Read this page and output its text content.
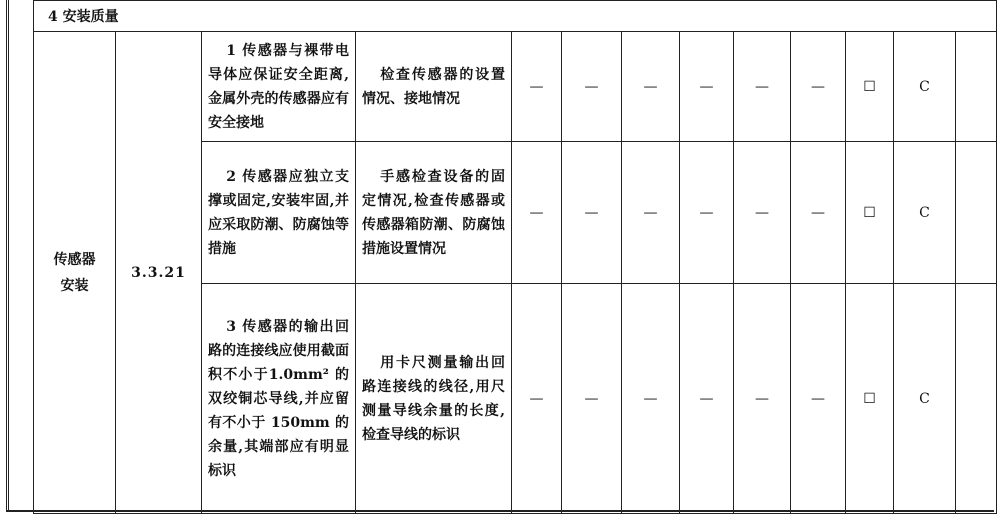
4 安装质量												

传感器
安装	3.3.21	1 传感器与裸带电导体应保证安全距离,金属外壳的传感器应有安全接地	检查传感器的设置情况、接地情况	—	—	—	—	—	—	☐	C	

		2 传感器应独立支撑或固定,安装牢固,并应采取防潮、防腐蚀等措施	手感检查设备的固定情况,检查传感器或传感器箱防潮、防腐蚀措施设置情况	—	—	—	—	—	—	☐	C	

		3 传感器的输出回路的连接线应使用截面积不小于1.0mm² 的双绞铜芯导线,并应留有不小于 150mm 的余量,其端部应有明显标识	用卡尺测量输出回路连接线的线径,用尺测量导线余量的长度,检查导线的标识	—	—	—	—	—	—	☐	C	
